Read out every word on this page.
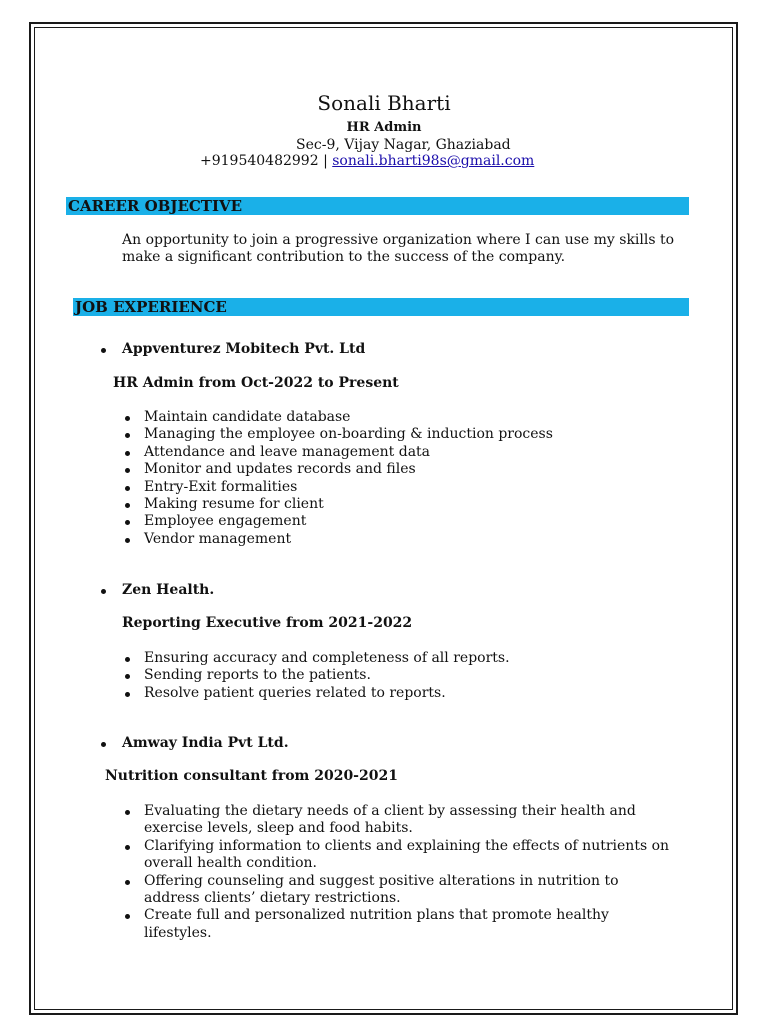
Sonali Bharti
HR Admin
Sec-9, Vijay Nagar, Ghaziabad
+919540482992 | sonali.bharti98s@gmail.com
CAREER OBJECTIVE
An opportunity to join a progressive organization where I can use my skills to make a significant contribution to the success of the company.
JOB EXPERIENCE
Appventurez Mobitech Pvt. Ltd
HR Admin from Oct-2022 to Present
Maintain candidate database
Managing the employee on-boarding & induction process
Attendance and leave management data
Monitor and updates records and files
Entry-Exit formalities
Making resume for client
Employee engagement
Vendor management
Zen Health.
Reporting Executive from 2021-2022
Ensuring accuracy and completeness of all reports.
Sending reports to the patients.
Resolve patient queries related to reports.
Amway India Pvt Ltd.
Nutrition consultant from 2020-2021
Evaluating the dietary needs of a client by assessing their health and exercise levels, sleep and food habits.
Clarifying information to clients and explaining the effects of nutrients on overall health condition.
Offering counseling and suggest positive alterations in nutrition to address clients’ dietary restrictions.
Create full and personalized nutrition plans that promote healthy lifestyles.
